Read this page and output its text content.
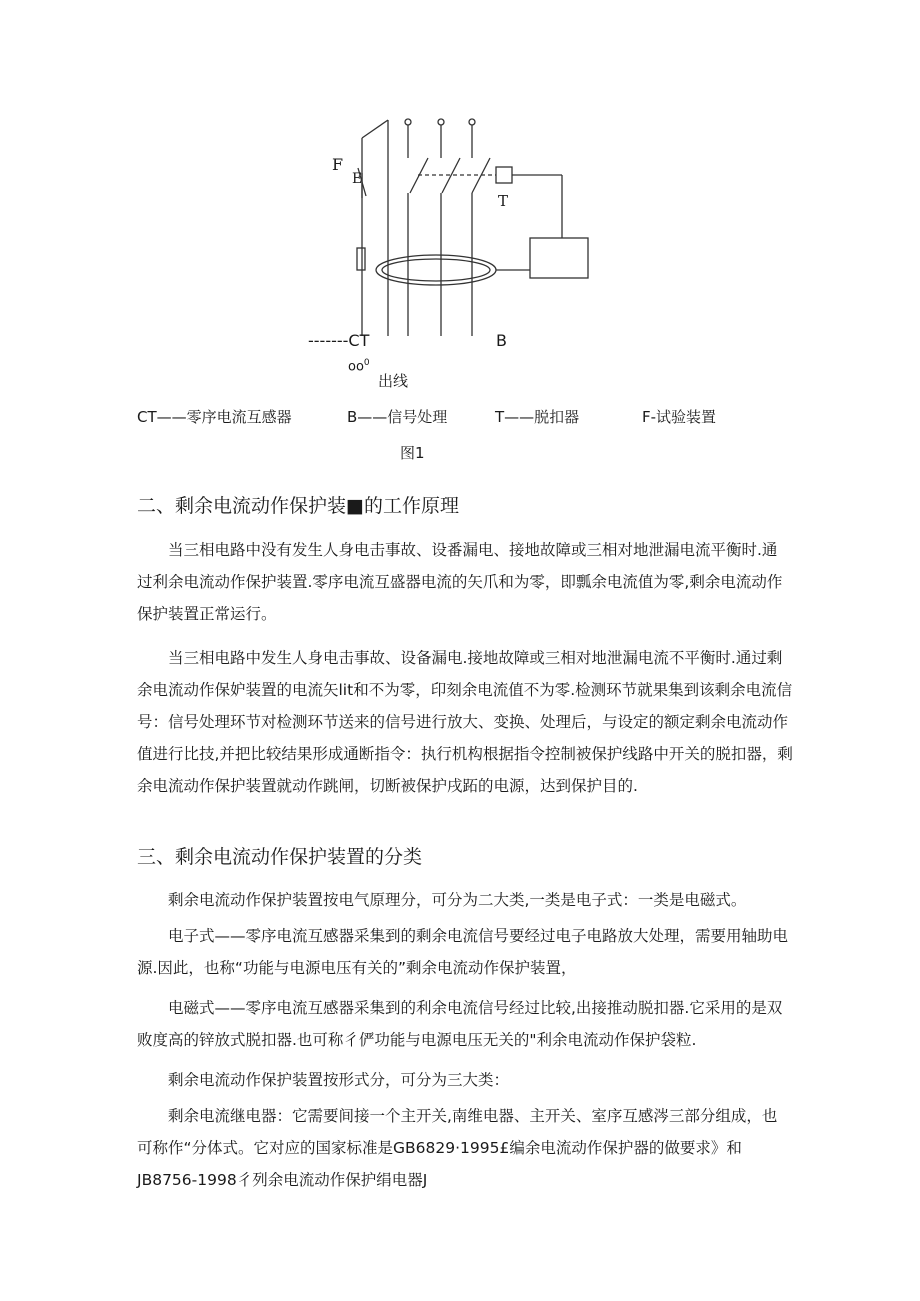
F
E
T
-------CT	B
$oo^0$
出线
CT——零序电流互感器	B——信号处理	T——脱扣器	F-试验装置
图1
二、剩余电流动作保护装■的工作原理
当三相电路中没有发生人身电击事故、设番漏电、接地故障或三相对地泄漏电流平衡时.通
过利余电流动作保护装置.零序电流互盛器电流的矢爪和为零，即瓢余电流值为零,剩余电流动作
保护装置正常运行。
当三相电路中发生人身电击事故、设备漏电.接地故障或三相对地泄漏电流不平衡时.通过剩
余电流动作保妒装置的电流矢lit和不为零，印刻余电流值不为零.检测环节就果集到该剩余电流信
号：信号处理环节对检测环节送来的信号进行放大、变换、处理后，与设定的额定剩余电流动作
值进行比技,并把比较结果形成通断指令：执行机构根据指令控制被保护线路中开关的脱扣器，剩
余电流动作保护装置就动作跳闸，切断被保护戌跖的电源，达到保护目的.
三、剩余电流动作保护装置的分类
剩余电流动作保护装置按电气原理分，可分为二大类,一类是电子式：一类是电磁式。
电子式——零序电流互感器采集到的剩余电流信号要经过电子电路放大处理，需要用轴助电
源.因此，也称“功能与电源电压有关的”剩余电流动作保护装置，
电磁式——零序电流互感器采集到的利余电流信号经过比较,出接推动脱扣器.它采用的是双
败度高的锌放式脱扣器.也可称彳俨功能与电源电压无关的"利余电流动作保护袋粒.
剩余电流动作保护装置按形式分，可分为三大类：
剩余电流继电器：它需要间接一个主开关,南维电器、主开关、室序互感涔三部分组成，也
可称作“分体式。它对应的国家标准是GB6829·1995£编余电流动作保护器的做要求》和
JB8756-1998彳列余电流动作保护绢电器J
